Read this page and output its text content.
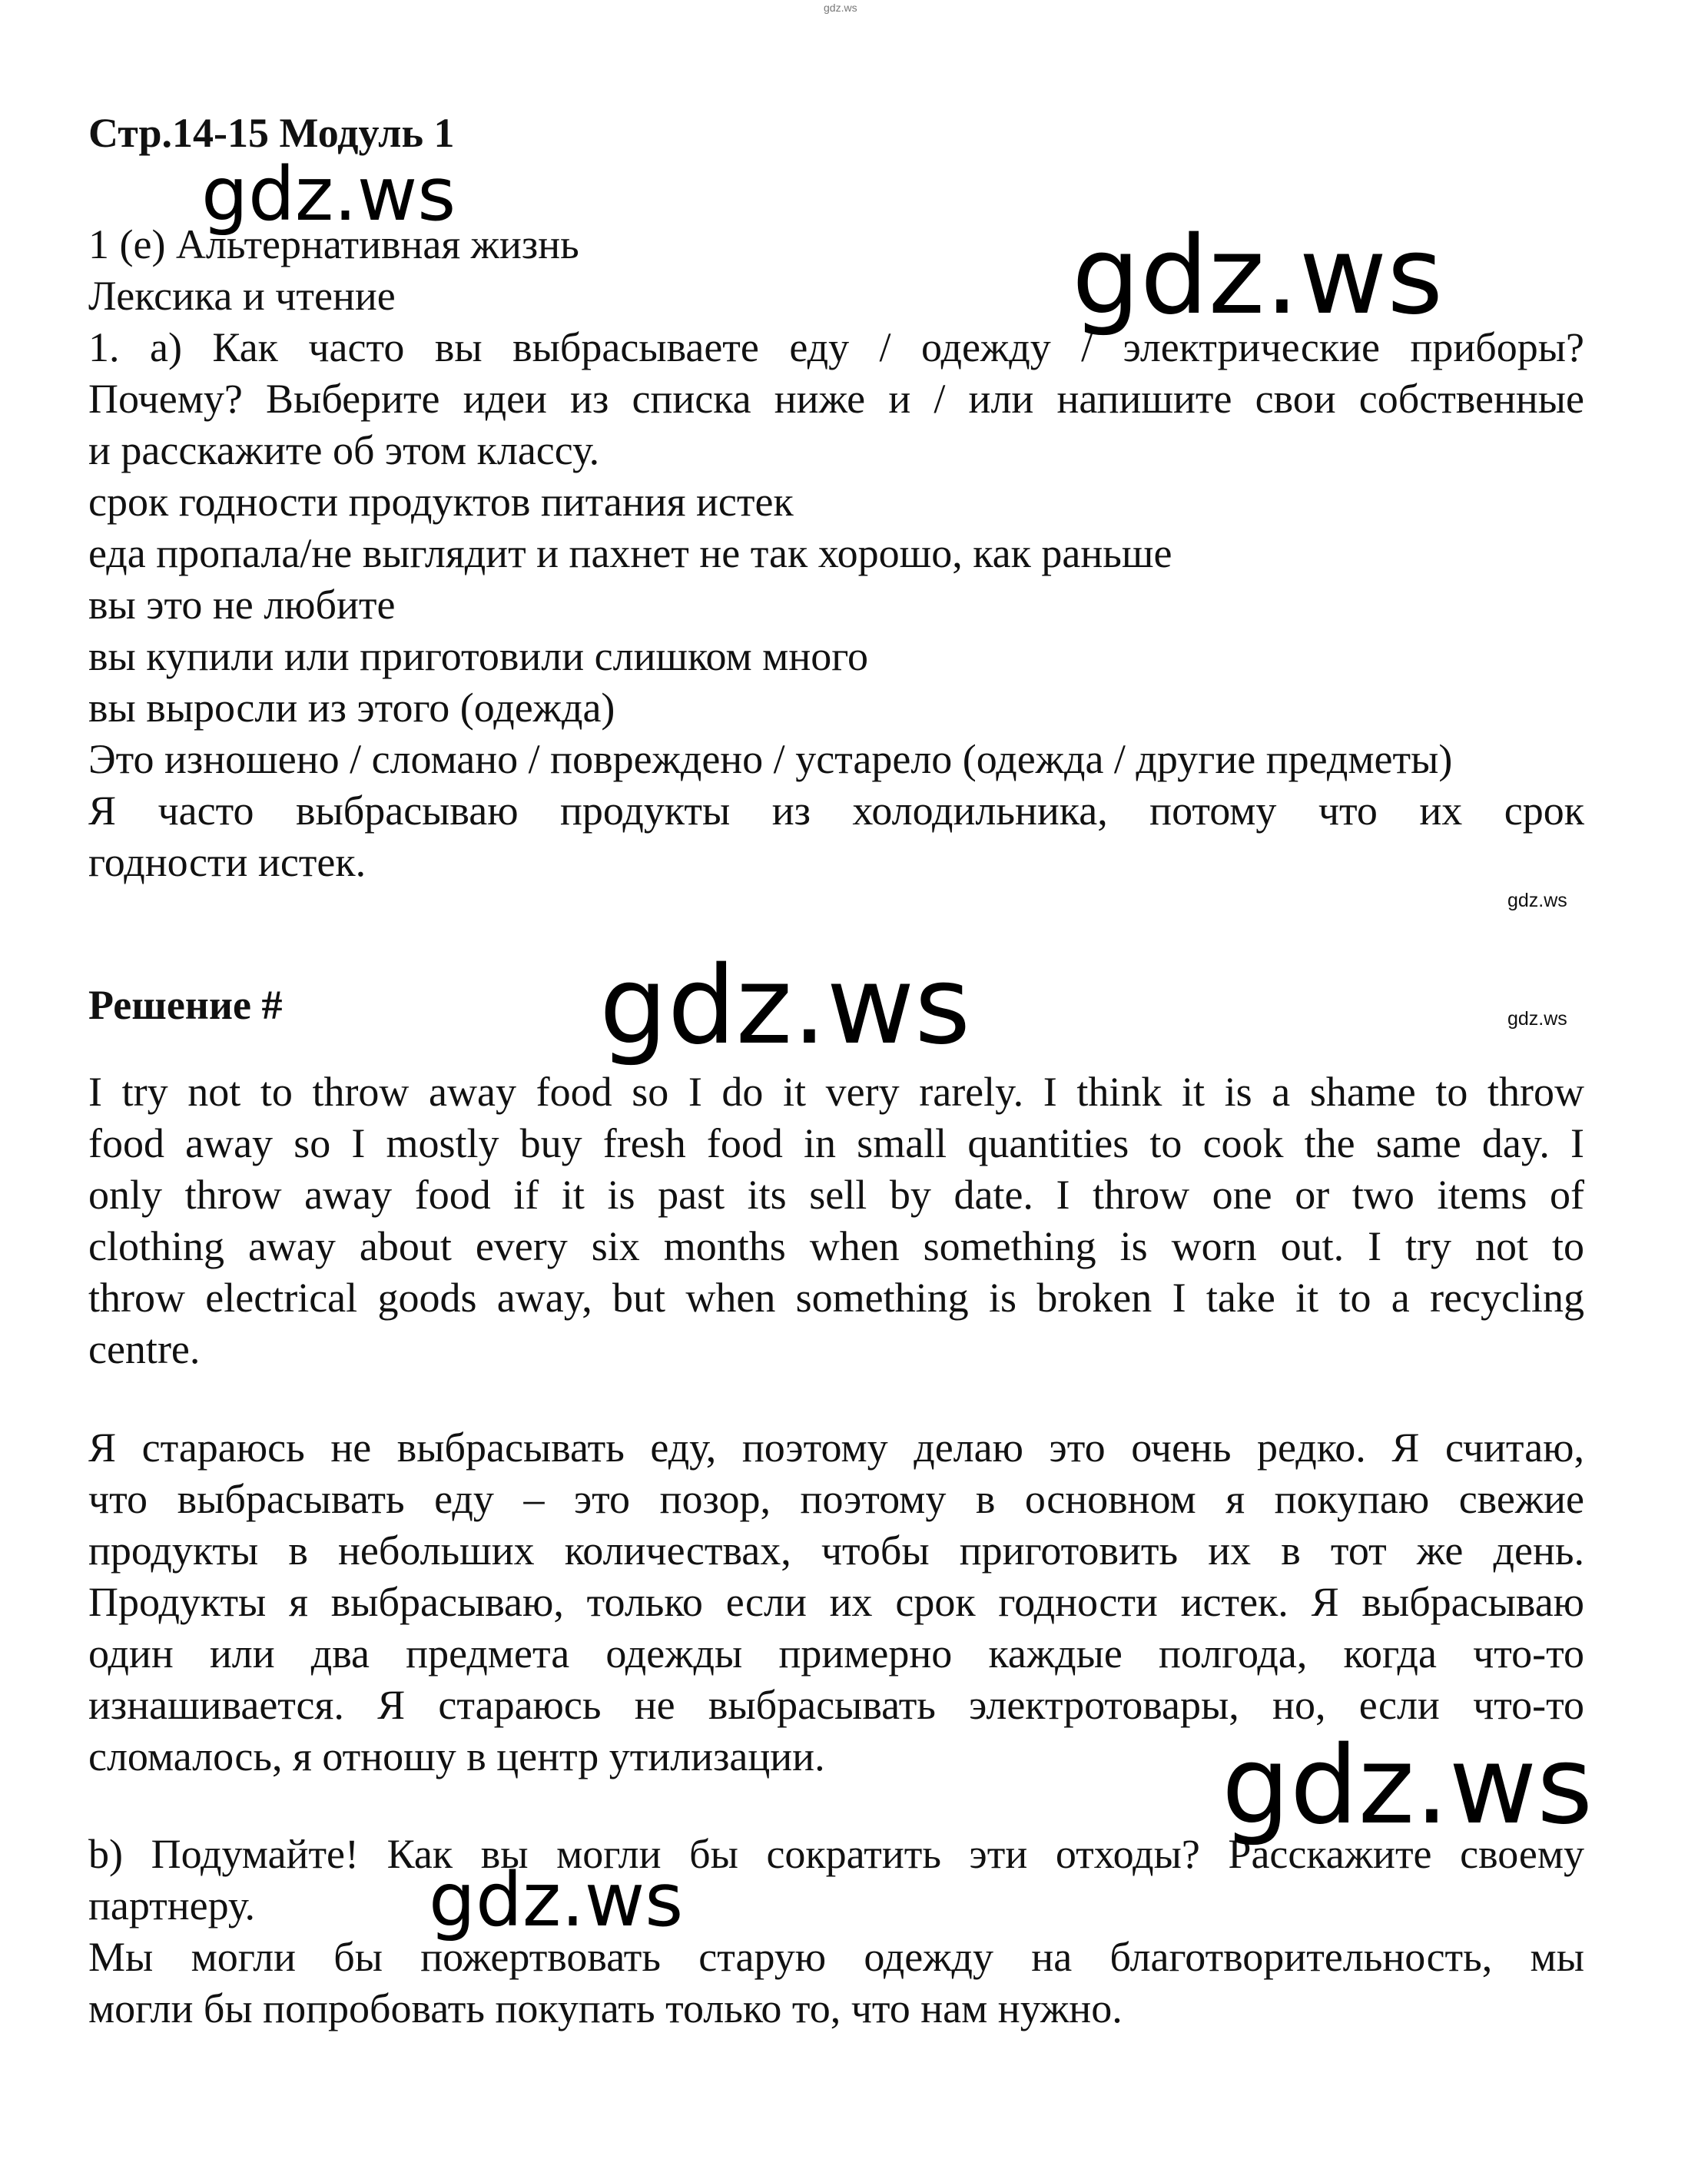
gdz.ws
Стр.14-15 Модуль 1
1 (e) Альтернативная жизнь
Лексика и чтение
1. a) Как часто вы выбрасываете еду / одежду / электрические приборы?
Почему? Выберите идеи из списка ниже и / или напишите свои собственные
и расскажите об этом классу.
срок годности продуктов питания истек
еда пропала/не выглядит и пахнет не так хорошо, как раньше
вы это не любите
вы купили или приготовили слишком много
вы выросли из этого (одежда)
Это изношено / сломано / повреждено / устарело (одежда / другие предметы)
Я часто выбрасываю продукты из холодильника, потому что их срок
годности истек.
Решение #
I try not to throw away food so I do it very rarely. I think it is a shame to throw
food away so I mostly buy fresh food in small quantities to cook the same day. I
only throw away food if it is past its sell by date. I throw one or two items of
clothing away about every six months when something is worn out. I try not to
throw electrical goods away, but when something is broken I take it to a recycling
centre.
Я стараюсь не выбрасывать еду, поэтому делаю это очень редко. Я считаю,
что выбрасывать еду – это позор, поэтому в основном я покупаю свежие
продукты в небольших количествах, чтобы приготовить их в тот же день.
Продукты я выбрасываю, только если их срок годности истек. Я выбрасываю
один или два предмета одежды примерно каждые полгода, когда что-то
изнашивается. Я стараюсь не выбрасывать электротовары, но, если что-то
сломалось, я отношу в центр утилизации.
b) Подумайте! Как вы могли бы сократить эти отходы? Расскажите своему
партнеру.
Мы могли бы пожертвовать старую одежду на благотворительность, мы
могли бы попробовать покупать только то, что нам нужно.
gdz.ws
gdz.ws
gdz.ws
gdz.ws
gdz.ws
gdz.ws
gdz.ws
